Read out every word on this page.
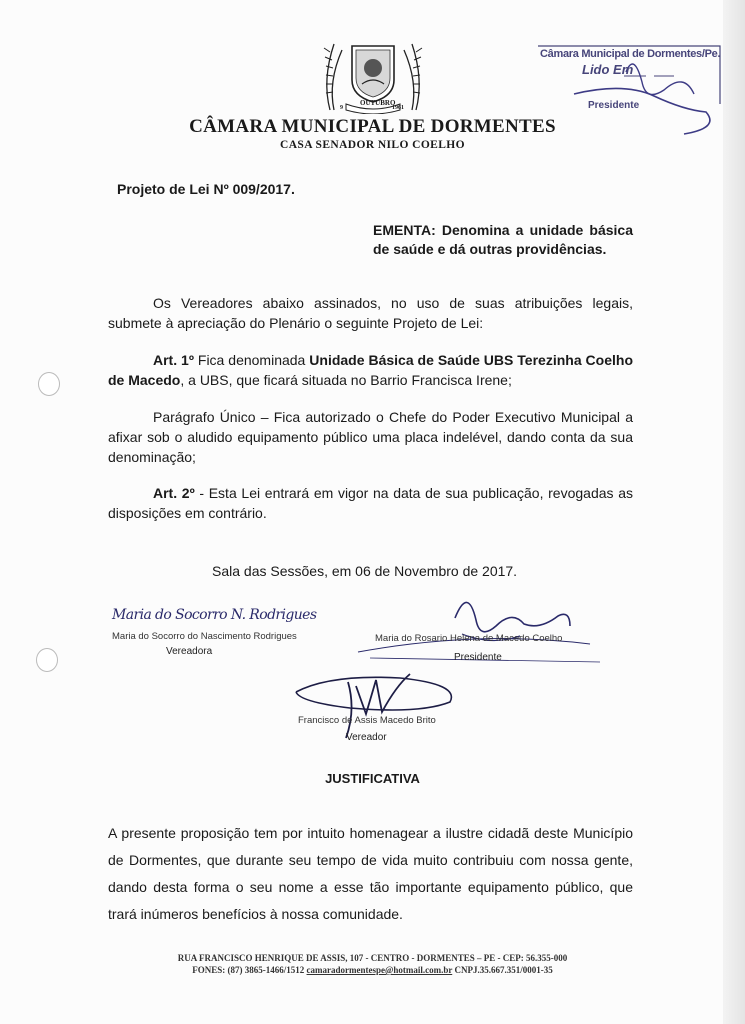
OUTUBRO
9	1961
CÂMARA MUNICIPAL DE DORMENTES
CASA SENADOR NILO COELHO
Câmara Municipal de Dormentes/Pe.
Lido Em
Presidente
Projeto de Lei Nº 009/2017.
EMENTA: Denomina a unidade básica de saúde e dá outras providências.
Os Vereadores abaixo assinados, no uso de suas atribuições legais, submete à apreciação do Plenário o seguinte Projeto de Lei:
Art. 1º Fica denominada Unidade Básica de Saúde UBS Terezinha Coelho de Macedo, a UBS, que ficará situada no Barrio Francisca Irene;
Parágrafo Único – Fica autorizado o Chefe do Poder Executivo Municipal a afixar sob o aludido equipamento público uma placa indelével, dando conta da sua denominação;
Art. 2º - Esta Lei entrará em vigor na data de sua publicação, revogadas as disposições em contrário.
Sala das Sessões, em 06 de Novembro de 2017.
Maria do Socorro N. Rodrigues
Maria do Socorro do Nascimento Rodrigues
Vereadora
Maria do Rosario Helena de Macedo Coelho
Presidente
Francisco de Assis Macedo Brito
Vereador
JUSTIFICATIVA
A presente proposição tem por intuito homenagear a ilustre cidadã deste Município de Dormentes, que durante seu tempo de vida muito contribuiu com nossa gente, dando desta forma o seu nome a esse tão importante equipamento público, que trará inúmeros benefícios à nossa comunidade.
RUA FRANCISCO HENRIQUE DE ASSIS, 107 - CENTRO - DORMENTES – PE - CEP: 56.355-000
FONES: (87) 3865-1466/1512 camaradormentespe@hotmail.com.br CNPJ.35.667.351/0001-35
